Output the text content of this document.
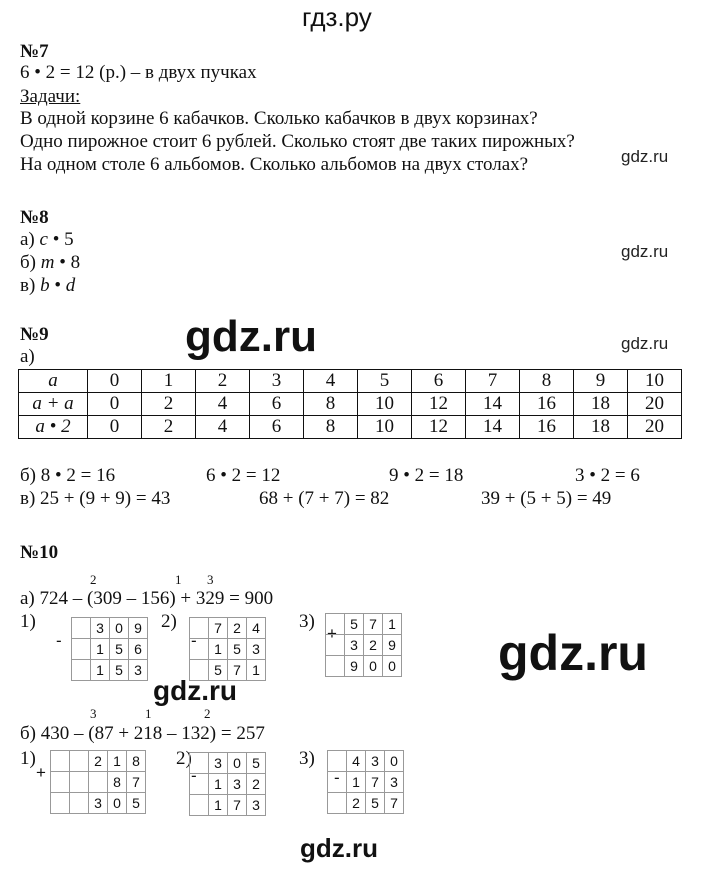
гдз.ру
№7
6 • 2 = 12 (р.) – в двух пучках
Задачи:
В одной корзине 6 кабачков. Сколько кабачков в двух корзинах?
Одно пирожное стоит 6 рублей. Сколько стоят две таких пирожных?
На одном столе 6 альбомов. Сколько альбомов на двух столах?	gdz.ru
№8
а) c • 5
б) m • 8
в) b • d
gdz.ru
№9
а)	gdz.ru	gdz.ru
a	0	1	2	3	4	5	6	7	8	9	10
a + a	0	2	4	6	8	10	12	14	16	18	20
a • 2	0	2	4	6	8	10	12	14	16	18	20
б) 8 • 2 = 16	6 • 2 = 12	9 • 2 = 18	3 • 2 = 6
в) 25 + (9 + 9) = 43	68 + (7 + 7) = 82	39 + (5 + 5) = 49
№10
2	1 3
а) 724 – (309 – 156) + 329 = 900
1)
-
	3	0	9
	1	5	6
	1	5	3
2)
-
	7	2	4
	1	5	3
	5	7	1
3)
+
	5	7	1
	3	2	9
	9	0	0 gdz.ru
gdz.ru
3	1	2
б) 430 – (87 + 218 – 132) = 257
1)
+
		2	1	8
			8	7
		3	0	5
2)
-
	3	0	5
	1	3	2
	1	7	3
3)
-
	4	3	0
	1	7	3
	2	5	7
gdz.ru
